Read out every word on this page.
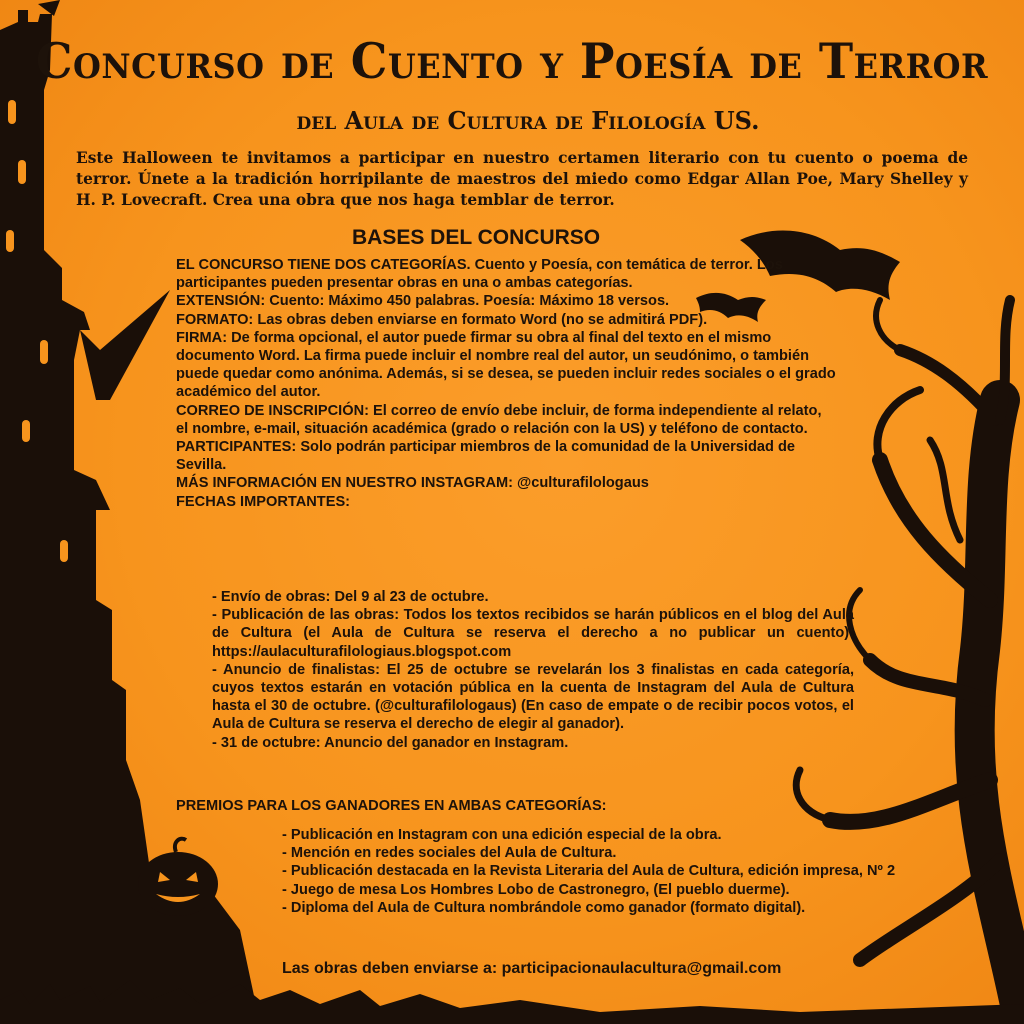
Concurso de Cuento y Poesía de Terror
del Aula de Cultura de Filología US.
Este Halloween te invitamos a participar en nuestro certamen literario con tu cuento o poema de terror. Únete a la tradición horripilante de maestros del miedo como Edgar Allan Poe, Mary Shelley y H. P. Lovecraft. Crea una obra que nos haga temblar de terror.
BASES DEL CONCURSO

EL CONCURSO TIENE DOS CATEGORÍAS. Cuento y Poesía, con temática de terror. Los participantes pueden presentar obras en una o ambas categorías.

EXTENSIÓN: Cuento: Máximo 450 palabras. Poesía: Máximo 18 versos.

FORMATO: Las obras deben enviarse en formato Word (no se admitirá PDF).

FIRMA: De forma opcional, el autor puede firmar su obra al final del texto en el mismo documento Word. La firma puede incluir el nombre real del autor, un seudónimo, o también puede quedar como anónima. Además, si se desea, se pueden incluir redes sociales o el grado académico del autor.

CORREO DE INSCRIPCIÓN: El correo de envío debe incluir, de forma independiente al relato, el nombre, e-mail, situación académica (grado o relación con la US) y teléfono de contacto.

PARTICIPANTES: Solo podrán participar miembros de la comunidad de la Universidad de Sevilla.

MÁS INFORMACIÓN EN NUESTRO INSTAGRAM: @culturafilologaus

FECHAS IMPORTANTES:

- Envío de obras: Del 9 al 23 de octubre.

- Publicación de las obras: Todos los textos recibidos se harán públicos en el blog del Aula de Cultura (el Aula de Cultura se reserva el derecho a no publicar un cuento): https://aulaculturafilologiaus.blogspot.com

- Anuncio de finalistas: El 25 de octubre se revelarán los 3 finalistas en cada categoría, cuyos textos estarán en votación pública en la cuenta de Instagram del Aula de Cultura hasta el 30 de octubre. (@culturafilologaus) (En caso de empate o de recibir pocos votos, el Aula de Cultura se reserva el derecho de elegir al ganador).

- 31 de octubre: Anuncio del ganador en Instagram.

PREMIOS PARA LOS GANADORES EN AMBAS CATEGORÍAS:

- Publicación en Instagram con una edición especial de la obra.

- Mención en redes sociales del Aula de Cultura.

- Publicación destacada en la Revista Literaria del Aula de Cultura, edición impresa, Nº 2

- Juego de mesa Los Hombres Lobo de Castronegro, (El pueblo duerme).

- Diploma del Aula de Cultura nombrándole como ganador (formato digital).

Las obras deben enviarse a: participacionaulacultura@gmail.com
